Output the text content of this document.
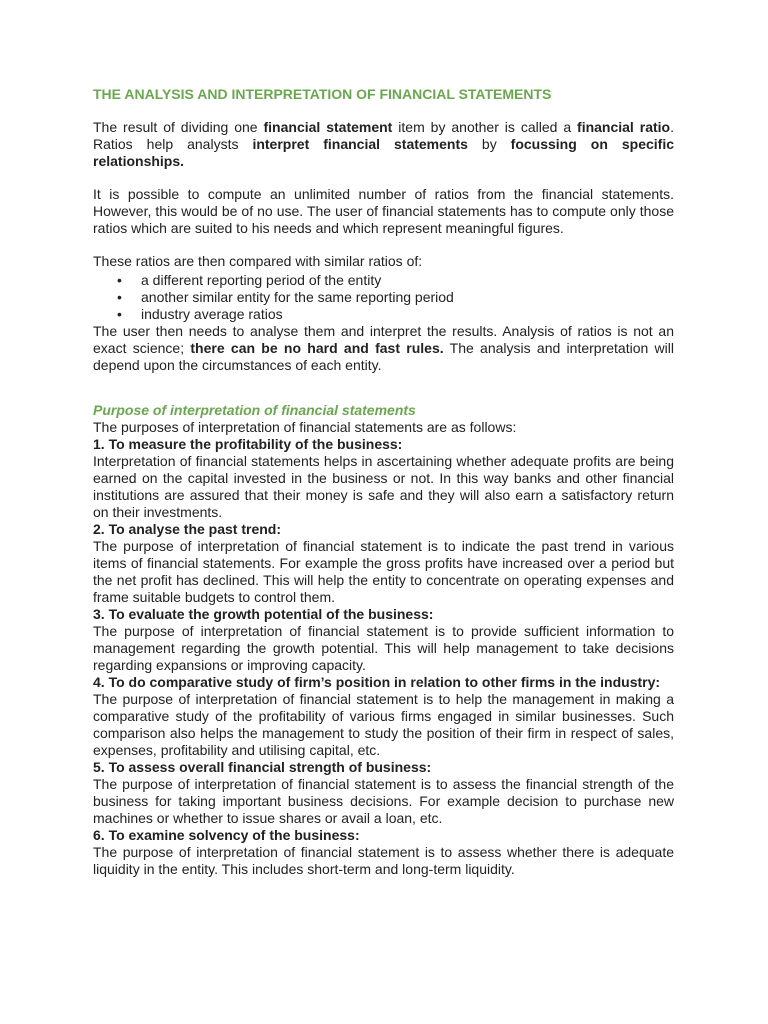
THE ANALYSIS AND INTERPRETATION OF FINANCIAL STATEMENTS

The result of dividing one financial statement item by another is called a financial ratio. Ratios help analysts interpret financial statements by focussing on specific relationships.

It is possible to compute an unlimited number of ratios from the financial statements. However, this would be of no use. The user of financial statements has to compute only those ratios which are suited to his needs and which represent meaningful figures.

These ratios are then compared with similar ratios of:

• a different reporting period of the entity
• another similar entity for the same reporting period
• industry average ratios

The user then needs to analyse them and interpret the results. Analysis of ratios is not an exact science; there can be no hard and fast rules. The analysis and interpretation will depend upon the circumstances of each entity.

Purpose of interpretation of financial statements

The purposes of interpretation of financial statements are as follows:

1. To measure the profitability of the business:

Interpretation of financial statements helps in ascertaining whether adequate profits are being earned on the capital invested in the business or not. In this way banks and other financial institutions are assured that their money is safe and they will also earn a satisfactory return on their investments.

2. To analyse the past trend:

The purpose of interpretation of financial statement is to indicate the past trend in various items of financial statements. For example the gross profits have increased over a period but the net profit has declined. This will help the entity to concentrate on operating expenses and frame suitable budgets to control them.

3. To evaluate the growth potential of the business:

The purpose of interpretation of financial statement is to provide sufficient information to management regarding the growth potential. This will help management to take decisions regarding expansions or improving capacity.

4. To do comparative study of firm’s position in relation to other firms in the industry:

The purpose of interpretation of financial statement is to help the management in making a comparative study of the profitability of various firms engaged in similar businesses. Such comparison also helps the management to study the position of their firm in respect of sales, expenses, profitability and utilising capital, etc.

5. To assess overall financial strength of business:

The purpose of interpretation of financial statement is to assess the financial strength of the business for taking important business decisions. For example decision to purchase new machines or whether to issue shares or avail a loan, etc.

6. To examine solvency of the business:

The purpose of interpretation of financial statement is to assess whether there is adequate liquidity in the entity. This includes short-term and long-term liquidity.
